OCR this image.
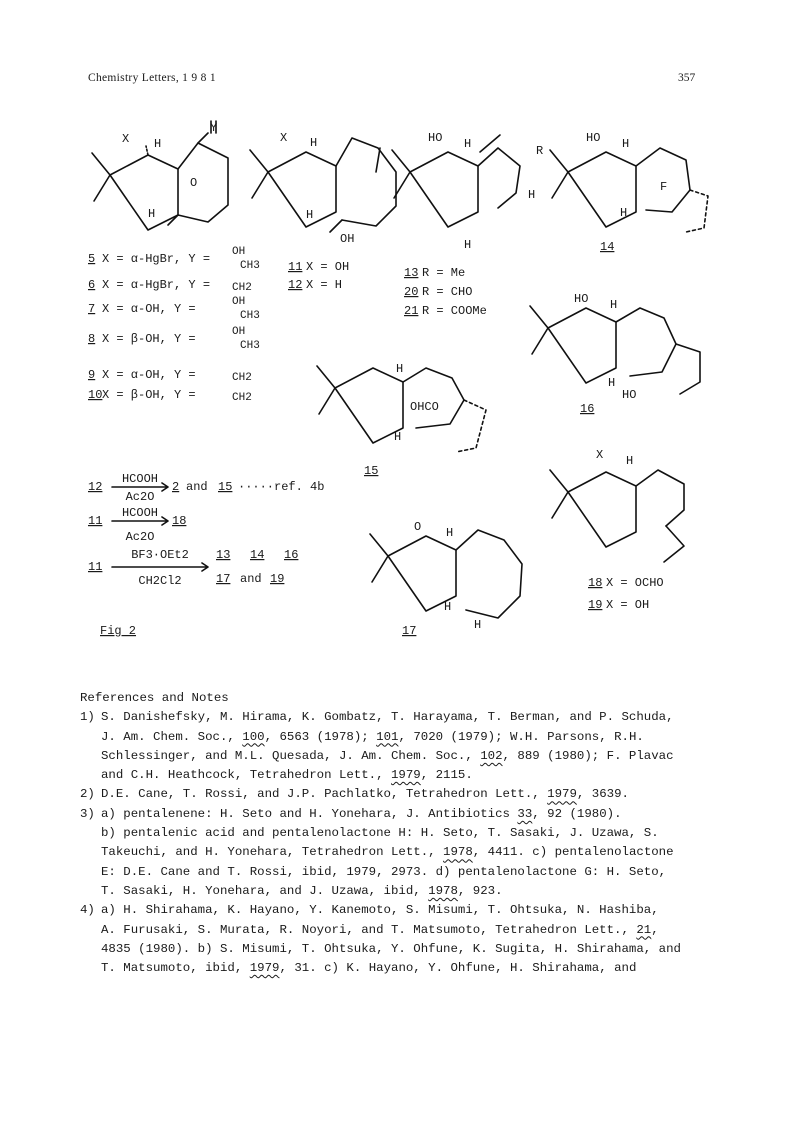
Chemistry Letters, 1 9 8 1	357
X H
Y
O
H
X H
H
OH
HO H	R
H
H
HO H
F
H
HO H
H
HO
H
OHCO
H
O H
H
H
X H
14
15
16
17
5 X = α-HgBr, Y = OH
CH3
6 X = α-HgBr, Y = CH2
7 X = α-OH, Y =	OH
CH3
8 X = β-OH, Y =	OH
CH3
9 X = α-OH, Y =	CH2
10 X = β-OH, Y =	CH2
11 X = OH
12 X = H
13 R = Me
20 R = CHO
21 R = COOMe
18 X = OCHO
19 X = OH
12
HCOOH
Ac2O
2 and 15 ·····ref. 4b
11
HCOOH
Ac2O
18
11
BF3·OEt2
CH2Cl2
13 14 16
17 and 19
Fig 2
References and Notes
1) S. Danishefsky, M. Hirama, K. Gombatz, T. Harayama, T. Berman, and P. Schuda,
J. Am. Chem. Soc., 100, 6563 (1978); 101, 7020 (1979); W.H. Parsons, R.H.
Schlessinger, and M.L. Quesada, J. Am. Chem. Soc., 102, 889 (1980); F. Plavac
and C.H. Heathcock, Tetrahedron Lett., 1979, 2115.
2) D.E. Cane, T. Rossi, and J.P. Pachlatko, Tetrahedron Lett., 1979, 3639.
3) a) pentalenene: H. Seto and H. Yonehara, J. Antibiotics 33, 92 (1980).
b) pentalenic acid and pentalenolactone H: H. Seto, T. Sasaki, J. Uzawa, S.
Takeuchi, and H. Yonehara, Tetrahedron Lett., 1978, 4411. c) pentalenolactone
E: D.E. Cane and T. Rossi, ibid, 1979, 2973. d) pentalenolactone G: H. Seto,
T. Sasaki, H. Yonehara, and J. Uzawa, ibid, 1978, 923.
4) a) H. Shirahama, K. Hayano, Y. Kanemoto, S. Misumi, T. Ohtsuka, N. Hashiba,
A. Furusaki, S. Murata, R. Noyori, and T. Matsumoto, Tetrahedron Lett., 21,
4835 (1980). b) S. Misumi, T. Ohtsuka, Y. Ohfune, K. Sugita, H. Shirahama, and
T. Matsumoto, ibid, 1979, 31. c) K. Hayano, Y. Ohfune, H. Shirahama, and
